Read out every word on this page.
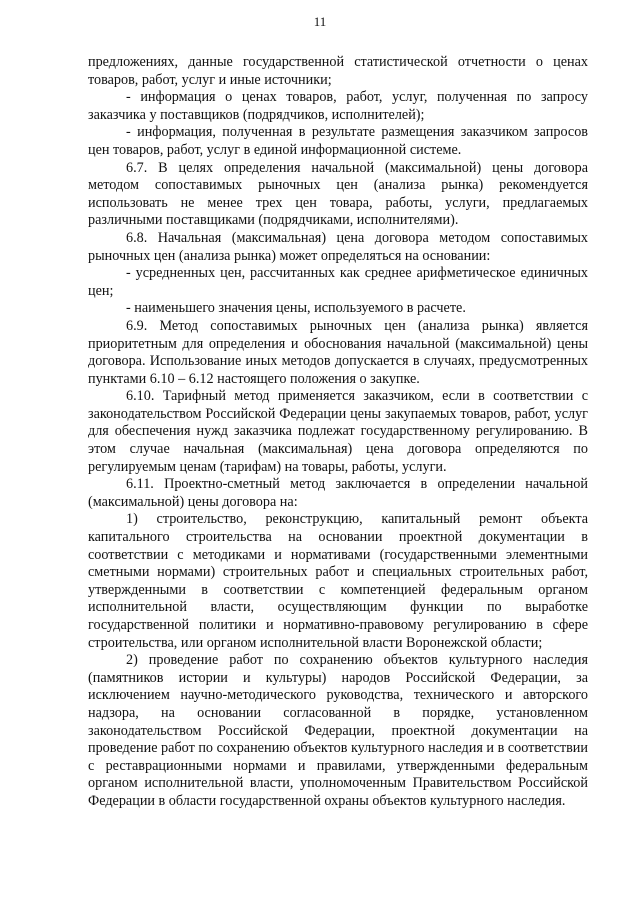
11

предложениях, данные государственной статистической отчетности о ценах товаров, работ, услуг и иные источники;

- информация о ценах товаров, работ, услуг, полученная по запросу заказчика у поставщиков (подрядчиков, исполнителей);

- информация, полученная в результате размещения заказчиком запросов цен товаров, работ, услуг в единой информационной системе.

6.7. В целях определения начальной (максимальной) цены договора методом сопоставимых рыночных цен (анализа рынка) рекомендуется использовать не менее трех цен товара, работы, услуги, предлагаемых различными поставщиками (подрядчиками, исполнителями).

6.8. Начальная (максимальная) цена договора методом сопоставимых рыночных цен (анализа рынка) может определяться на основании:

- усредненных цен, рассчитанных как среднее арифметическое единичных цен;

- наименьшего значения цены, используемого в расчете.

6.9. Метод сопоставимых рыночных цен (анализа рынка) является приоритетным для определения и обоснования начальной (максимальной) цены договора. Использование иных методов допускается в случаях, предусмотренных пунктами 6.10 – 6.12 настоящего положения о закупке.

6.10. Тарифный метод применяется заказчиком, если в соответствии с законодательством Российской Федерации цены закупаемых товаров, работ, услуг для обеспечения нужд заказчика подлежат государственному регулированию. В этом случае начальная (максимальная) цена договора определяются по регулируемым ценам (тарифам) на товары, работы, услуги.

6.11. Проектно-сметный метод заключается в определении начальной (максимальной) цены договора на:

1) строительство, реконструкцию, капитальный ремонт объекта капитального строительства на основании проектной документации в соответствии с методиками и нормативами (государственными элементными сметными нормами) строительных работ и специальных строительных работ, утвержденными в соответствии с компетенцией федеральным органом исполнительной власти, осуществляющим функции по выработке государственной политики и нормативно-правовому регулированию в сфере строительства, или органом исполнительной власти Воронежской области;

2) проведение работ по сохранению объектов культурного наследия (памятников истории и культуры) народов Российской Федерации, за исключением научно-методического руководства, технического и авторского надзора, на основании согласованной в порядке, установленном законодательством Российской Федерации, проектной документации на проведение работ по сохранению объектов культурного наследия и в соответствии с реставрационными нормами и правилами, утвержденными федеральным органом исполнительной власти, уполномоченным Правительством Российской Федерации в области государственной охраны объектов культурного наследия.
